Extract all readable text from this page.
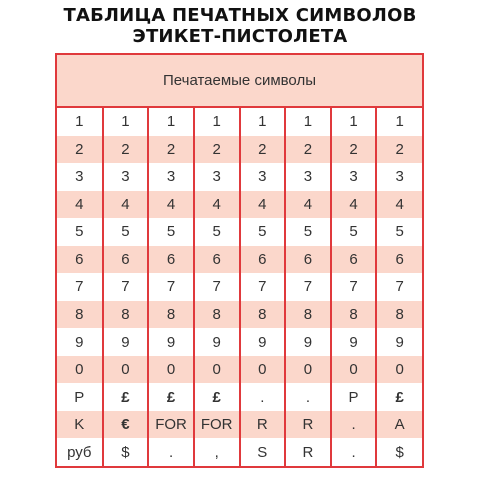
ТАБЛИЦА ПЕЧАТНЫХ СИМВОЛОВ
ЭТИКЕТ-ПИСТОЛЕТА
Печатаемые символы
1	1	1	1	1	1	1	1
2	2	2	2	2	2	2	2
3	3	3	3	3	3	3	3
4	4	4	4	4	4	4	4
5	5	5	5	5	5	5	5
6	6	6	6	6	6	6	6
7	7	7	7	7	7	7	7
8	8	8	8	8	8	8	8
9	9	9	9	9	9	9	9
0	0	0	0	0	0	0	0
P	£	£	£	.	.	P	£
K	€	FOR	FOR	R	R	.	A
руб	$	.	,	S	R	.	$
